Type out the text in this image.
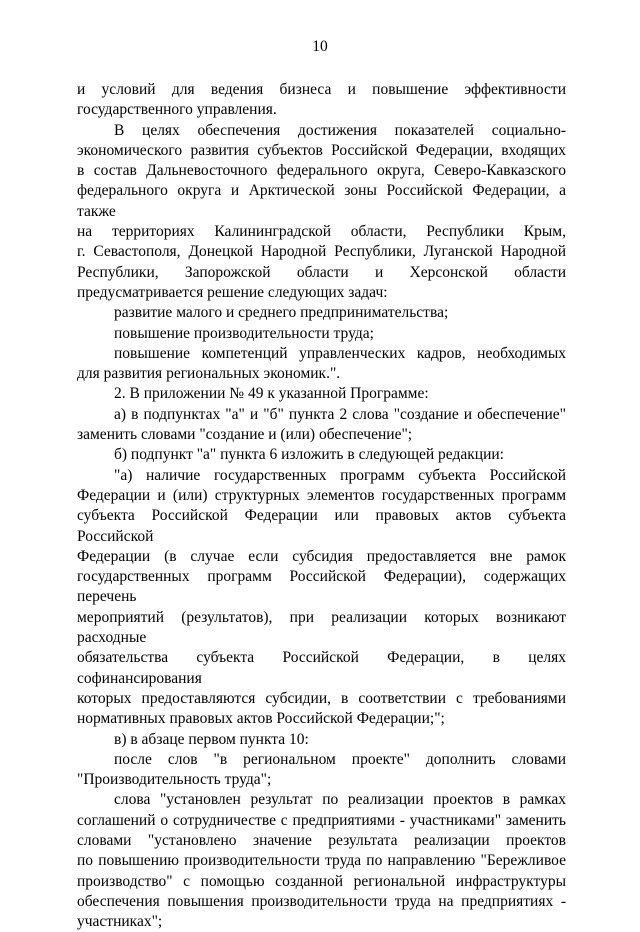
10
и условий для ведения бизнеса и повышение эффективности
государственного управления.
В целях обеспечения достижения показателей социально-
экономического развития субъектов Российской Федерации, входящих
в состав Дальневосточного федерального округа, Северо-Кавказского
федерального округа и Арктической зоны Российской Федерации, а также
на территориях Калининградской области, Республики Крым,
г. Севастополя, Донецкой Народной Республики, Луганской Народной
Республики, Запорожской области и Херсонской области
предусматривается решение следующих задач:
развитие малого и среднего предпринимательства;
повышение производительности труда;
повышение компетенций управленческих кадров, необходимых
для развития региональных экономик.".
2. В приложении № 49 к указанной Программе:
а) в подпунктах "а" и "б" пункта 2 слова "создание и обеспечение"
заменить словами "создание и (или) обеспечение";
б) подпункт "а" пункта 6 изложить в следующей редакции:
"а) наличие государственных программ субъекта Российской
Федерации и (или) структурных элементов государственных программ
субъекта Российской Федерации или правовых актов субъекта Российской
Федерации (в случае если субсидия предоставляется вне рамок
государственных программ Российской Федерации), содержащих перечень
мероприятий (результатов), при реализации которых возникают расходные
обязательства субъекта Российской Федерации, в целях софинансирования
которых предоставляются субсидии, в соответствии с требованиями
нормативных правовых актов Российской Федерации;";
в) в абзаце первом пункта 10:
после слов "в региональном проекте" дополнить словами
"Производительность труда";
слова "установлен результат по реализации проектов в рамках
соглашений о сотрудничестве с предприятиями - участниками" заменить
словами "установлено значение результата реализации проектов
по повышению производительности труда по направлению "Бережливое
производство" с помощью созданной региональной инфраструктуры
обеспечения повышения производительности труда на предприятиях -
участниках";
